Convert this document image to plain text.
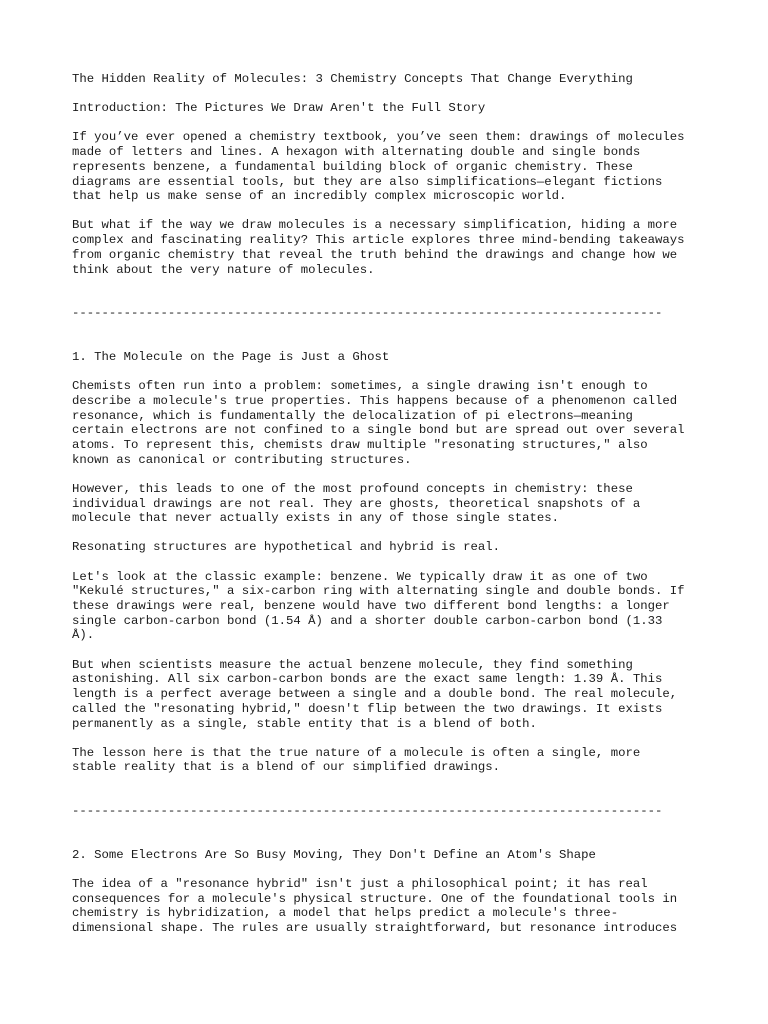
The Hidden Reality of Molecules: 3 Chemistry Concepts That Change Everything

Introduction: The Pictures We Draw Aren't the Full Story

If you’ve ever opened a chemistry textbook, you’ve seen them: drawings of molecules
made of letters and lines. A hexagon with alternating double and single bonds
represents benzene, a fundamental building block of organic chemistry. These
diagrams are essential tools, but they are also simplifications—elegant fictions
that help us make sense of an incredibly complex microscopic world.

But what if the way we draw molecules is a necessary simplification, hiding a more
complex and fascinating reality? This article explores three mind-bending takeaways
from organic chemistry that reveal the truth behind the drawings and change how we
think about the very nature of molecules.

--------------------------------------------------------------------------------

1. The Molecule on the Page is Just a Ghost

Chemists often run into a problem: sometimes, a single drawing isn't enough to
describe a molecule's true properties. This happens because of a phenomenon called
resonance, which is fundamentally the delocalization of pi electrons—meaning
certain electrons are not confined to a single bond but are spread out over several
atoms. To represent this, chemists draw multiple "resonating structures," also
known as canonical or contributing structures.

However, this leads to one of the most profound concepts in chemistry: these
individual drawings are not real. They are ghosts, theoretical snapshots of a
molecule that never actually exists in any of those single states.

Resonating structures are hypothetical and hybrid is real.

Let's look at the classic example: benzene. We typically draw it as one of two
"Kekulé structures," a six-carbon ring with alternating single and double bonds. If
these drawings were real, benzene would have two different bond lengths: a longer
single carbon-carbon bond (1.54 Å) and a shorter double carbon-carbon bond (1.33
Å).

But when scientists measure the actual benzene molecule, they find something
astonishing. All six carbon-carbon bonds are the exact same length: 1.39 Å. This
length is a perfect average between a single and a double bond. The real molecule,
called the "resonating hybrid," doesn't flip between the two drawings. It exists
permanently as a single, stable entity that is a blend of both.

The lesson here is that the true nature of a molecule is often a single, more
stable reality that is a blend of our simplified drawings.

--------------------------------------------------------------------------------

2. Some Electrons Are So Busy Moving, They Don't Define an Atom's Shape

The idea of a "resonance hybrid" isn't just a philosophical point; it has real
consequences for a molecule's physical structure. One of the foundational tools in
chemistry is hybridization, a model that helps predict a molecule's three-
dimensional shape. The rules are usually straightforward, but resonance introduces
